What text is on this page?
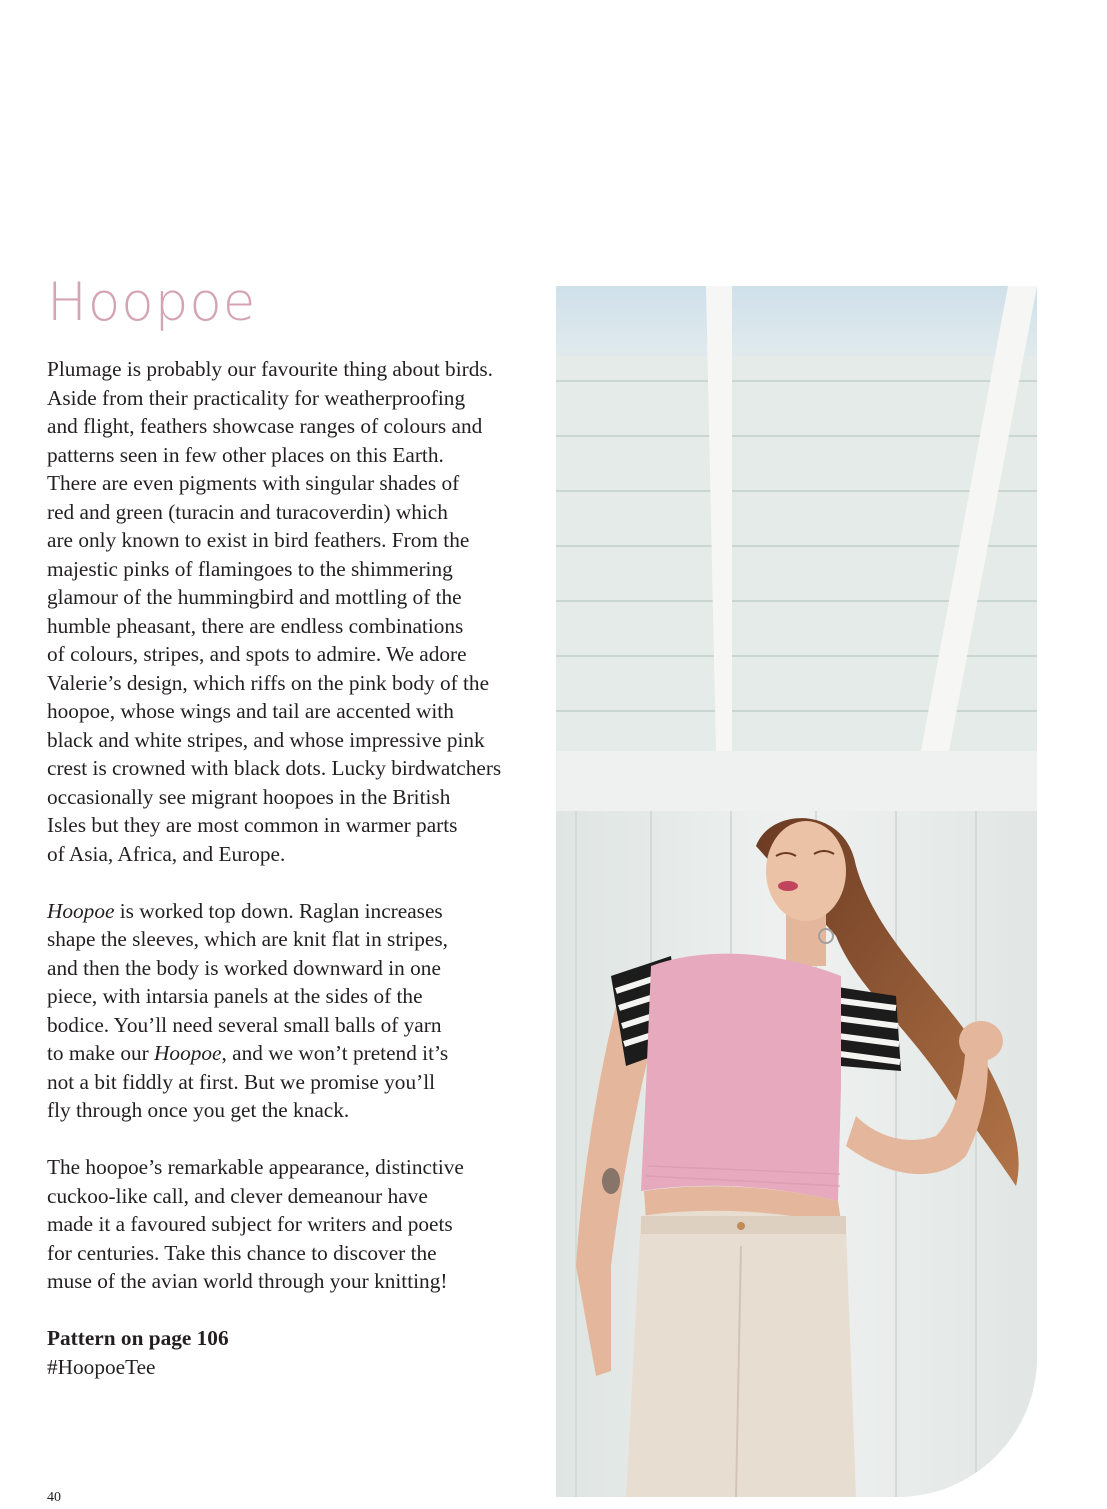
Hoopoe

Plumage is probably our favourite thing about birds.
Aside from their practicality for weatherproofing
and flight, feathers showcase ranges of colours and
patterns seen in few other places on this Earth.
There are even pigments with singular shades of
red and green (turacin and turacoverdin) which
are only known to exist in bird feathers. From the
majestic pinks of flamingoes to the shimmering
glamour of the hummingbird and mottling of the
humble pheasant, there are endless combinations
of colours, stripes, and spots to admire. We adore
Valerie’s design, which riffs on the pink body of the
hoopoe, whose wings and tail are accented with
black and white stripes, and whose impressive pink
crest is crowned with black dots. Lucky birdwatchers
occasionally see migrant hoopoes in the British
Isles but they are most common in warmer parts
of Asia, Africa, and Europe.

Hoopoe is worked top down. Raglan increases
shape the sleeves, which are knit flat in stripes,
and then the body is worked downward in one
piece, with intarsia panels at the sides of the
bodice. You’ll need several small balls of yarn
to make our Hoopoe, and we won’t pretend it’s
not a bit fiddly at first. But we promise you’ll
fly through once you get the knack.

The hoopoe’s remarkable appearance, distinctive
cuckoo-like call, and clever demeanour have
made it a favoured subject for writers and poets
for centuries. Take this chance to discover the
muse of the avian world through your knitting!

Pattern on page 106
#HoopoeTee

40
